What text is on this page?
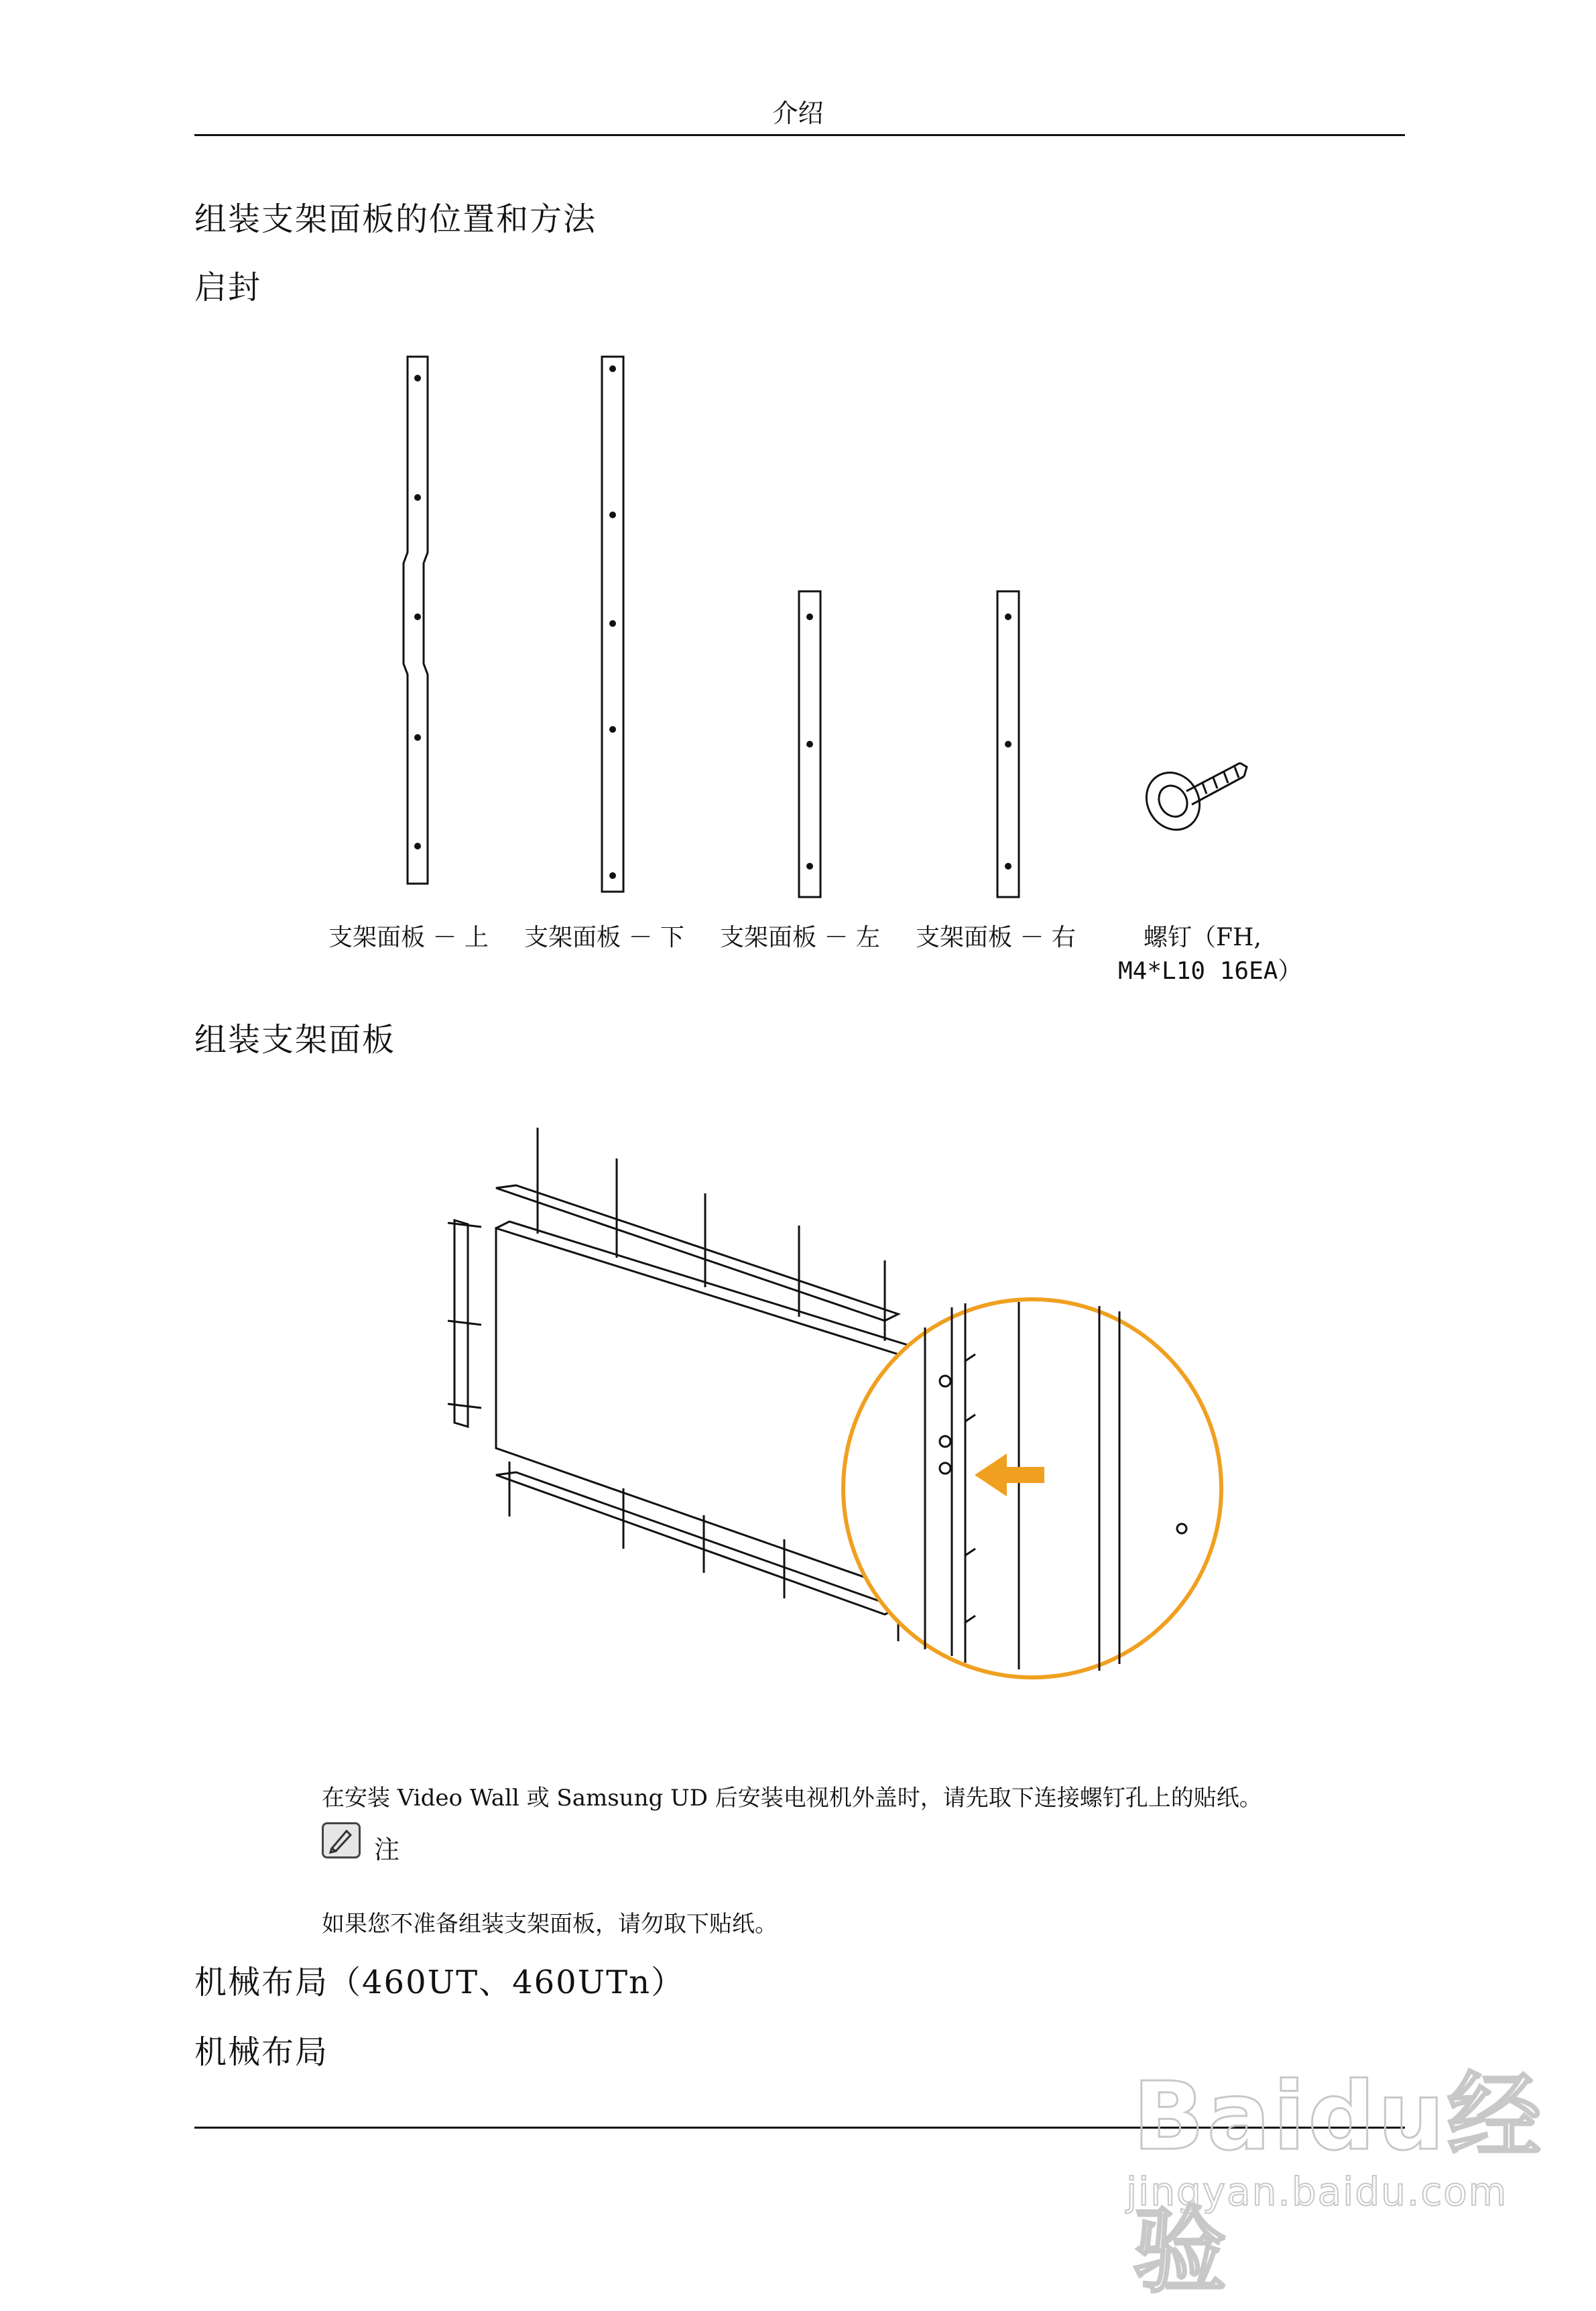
介绍
组装支架面板的位置和方法
启封
支架面板 － 上 支架面板 － 下 支架面板 － 左 支架面板 － 右	螺钉（FH,
M4*L10 16EA）
组装支架面板
在安装 Video Wall 或 Samsung UD 后安装电视机外盖时，请先取下连接螺钉孔上的贴纸。
注
如果您不准备组装支架面板，请勿取下贴纸。
机械布局（460UT、460UTn）
机械布局
Baidu经验
jingyan.baidu.com
